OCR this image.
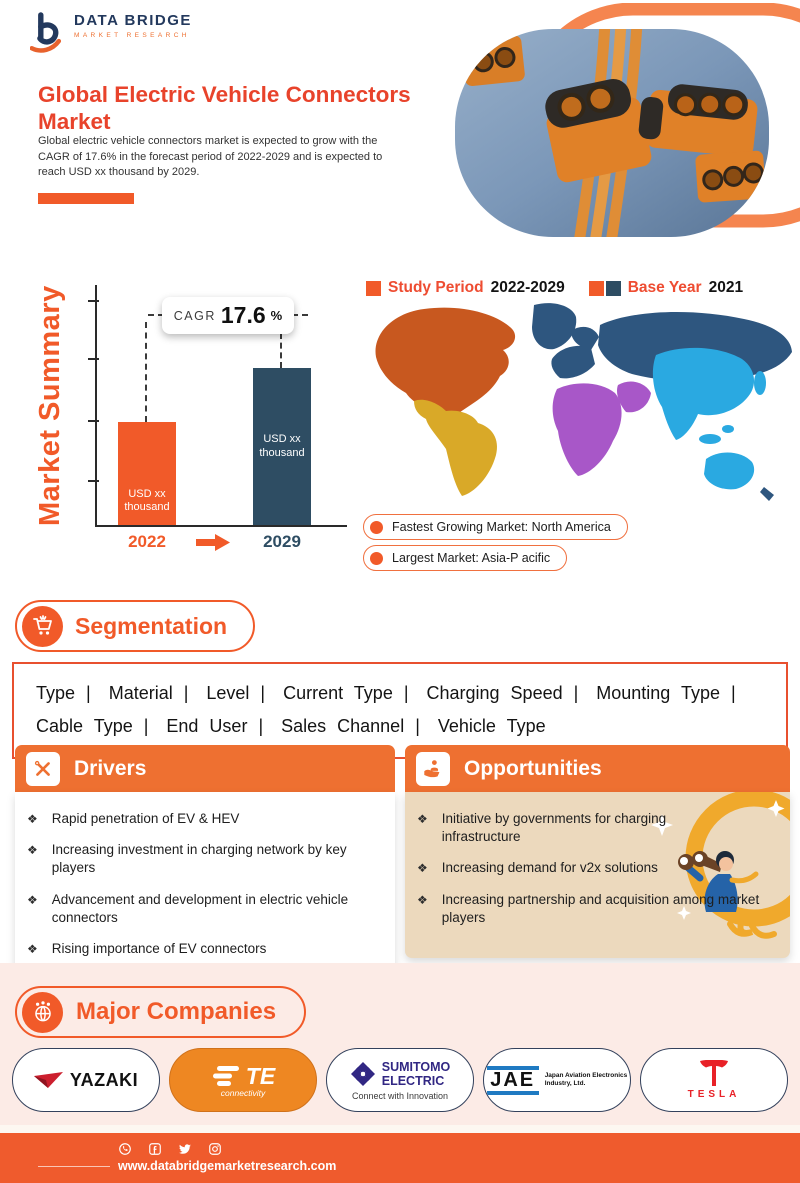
DATA BRIDGE
MARKET RESEARCH
Global Electric Vehicle Connectors Market

Global electric vehicle connectors market is expected to grow with the CAGR of 17.6% in the forecast period of 2022-2029 and is expected to reach USD xx thousand by 2029.

Market Summary	CAGR 17.6 %
USD xx thousand
USD xx thousand
2022	2029
Study Period 2022-2029	Base Year 2021
Fastest Growing Market: North America
Largest Market: Asia-P acific
Segmentation
Type | Material | Level | Current Type | Charging Speed | Mounting Type | Cable Type | End User | Sales Channel | Vehicle Type
Drivers
❖ Rapid penetration of EV & HEV
❖ Increasing investment in charging network by key players
❖ Advancement and development in electric vehicle connectors
❖ Rising importance of EV connectors
Opportunities
❖ Initiative by governments for charging infrastructure
❖ Increasing demand for v2x solutions
❖ Increasing partnership and acquisition among market players
Major Companies
YAZAKI	TE
connectivity
SUMITOMO
ELECTRIC
Connect with Innovation
JAE Japan Aviation Electronics
Industry, Ltd.
TESLA
www.databridgemarketresearch.com
